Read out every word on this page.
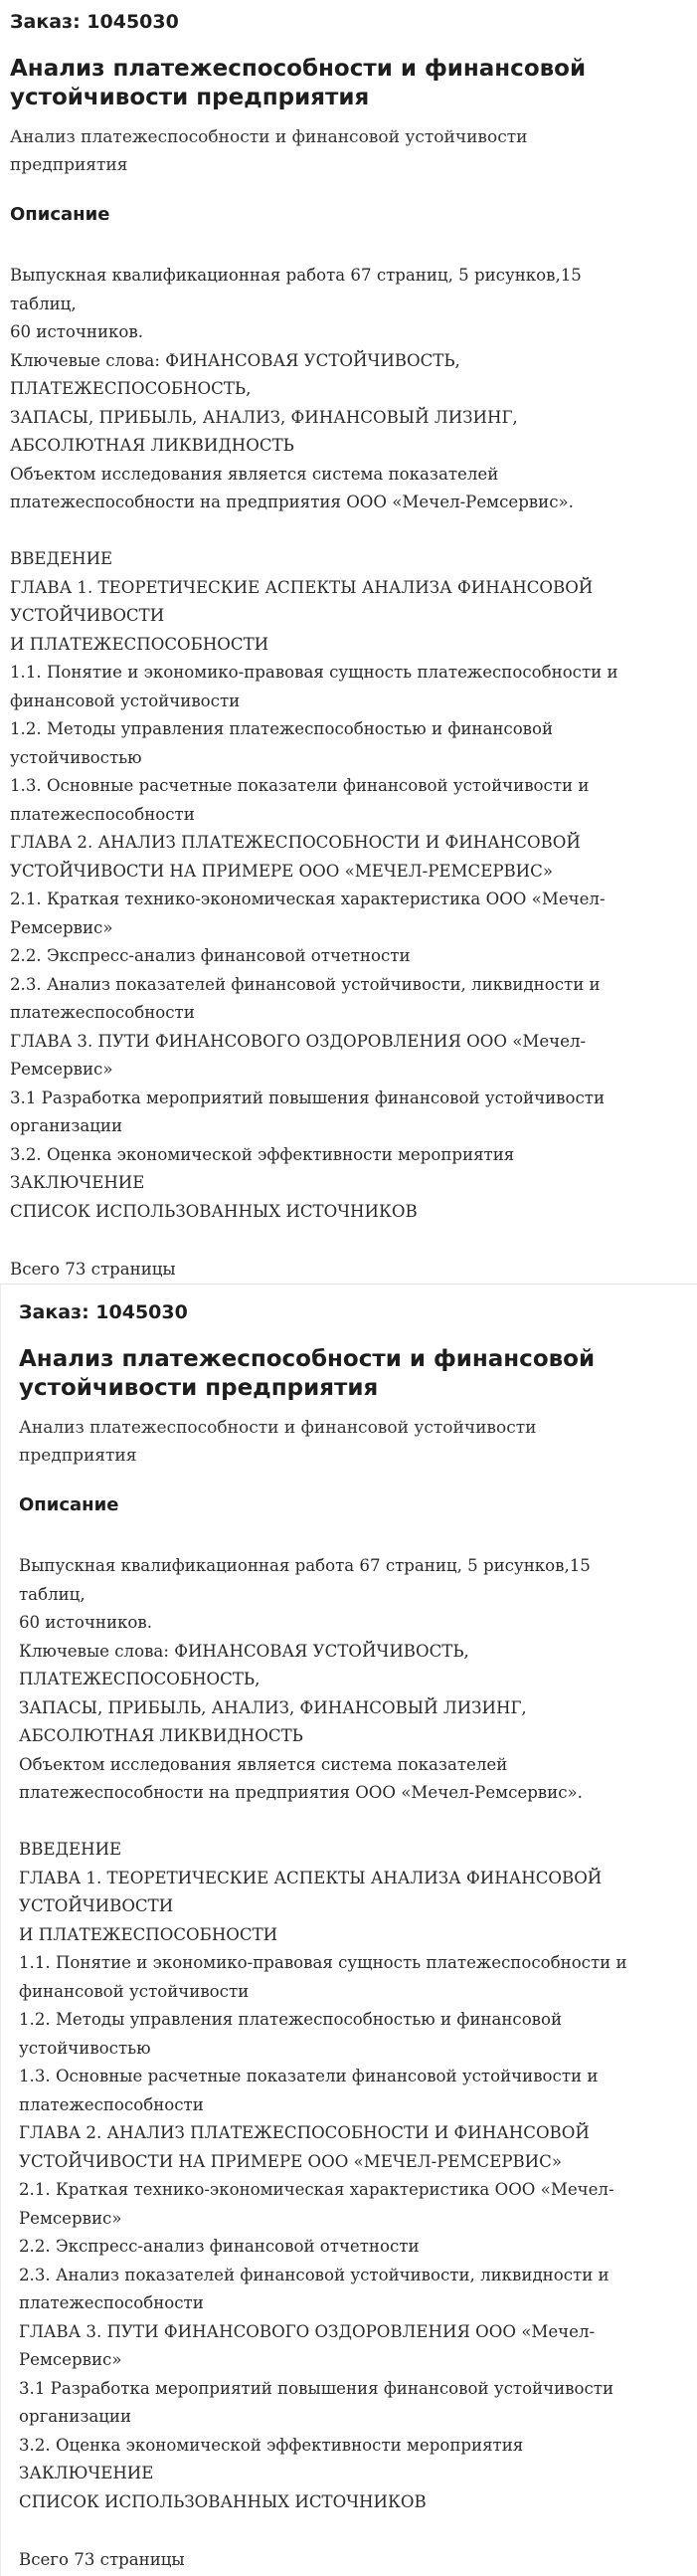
Заказ: 1045030
Анализ платежеспособности и финансовой
устойчивости предприятия
Анализ платежеспособности и финансовой устойчивости
предприятия
Описание
Выпускная квалификационная работа 67 страниц, 5 рисунков,15
таблиц,
60 источников.
Ключевые слова: ФИНАНСОВАЯ УСТОЙЧИВОСТЬ,
ПЛАТЕЖЕСПОСОБНОСТЬ,
ЗАПАСЫ, ПРИБЫЛЬ, АНАЛИЗ, ФИНАНСОВЫЙ ЛИЗИНГ,
АБСОЛЮТНАЯ ЛИКВИДНОСТЬ
Объектом исследования является система показателей
платежеспособности на предприятия ООО «Мечел-Ремсервис».

ВВЕДЕНИЕ
ГЛАВА 1. ТЕОРЕТИЧЕСКИЕ АСПЕКТЫ АНАЛИЗА ФИНАНСОВОЙ
УСТОЙЧИВОСТИ
И ПЛАТЕЖЕСПОСОБНОСТИ
1.1. Понятие и экономико-правовая сущность платежеспособности и
финансовой устойчивости
1.2. Методы управления платежеспособностью и финансовой
устойчивостью
1.3. Основные расчетные показатели финансовой устойчивости и
платежеспособности
ГЛАВА 2. АНАЛИЗ ПЛАТЕЖЕСПОСОБНОСТИ И ФИНАНСОВОЙ
УСТОЙЧИВОСТИ НА ПРИМЕРЕ ООО «МЕЧЕЛ-РЕМСЕРВИС»
2.1. Краткая технико-экономическая характеристика ООО «Мечел-
Ремсервис»
2.2. Экспресс-анализ финансовой отчетности
2.3. Анализ показателей финансовой устойчивости, ликвидности и
платежеспособности
ГЛАВА 3. ПУТИ ФИНАНСОВОГО ОЗДОРОВЛЕНИЯ ООО «Мечел-
Ремсервис»
3.1 Разработка мероприятий повышения финансовой устойчивости
организации
3.2. Оценка экономической эффективности мероприятия
ЗАКЛЮЧЕНИЕ
СПИСОК ИСПОЛЬЗОВАННЫХ ИСТОЧНИКОВ
Всего 73 страницы
Заказ: 1045030
Анализ платежеспособности и финансовой
устойчивости предприятия
Анализ платежеспособности и финансовой устойчивости
предприятия
Описание
Выпускная квалификационная работа 67 страниц, 5 рисунков,15
таблиц,
60 источников.
Ключевые слова: ФИНАНСОВАЯ УСТОЙЧИВОСТЬ,
ПЛАТЕЖЕСПОСОБНОСТЬ,
ЗАПАСЫ, ПРИБЫЛЬ, АНАЛИЗ, ФИНАНСОВЫЙ ЛИЗИНГ,
АБСОЛЮТНАЯ ЛИКВИДНОСТЬ
Объектом исследования является система показателей
платежеспособности на предприятия ООО «Мечел-Ремсервис».

ВВЕДЕНИЕ
ГЛАВА 1. ТЕОРЕТИЧЕСКИЕ АСПЕКТЫ АНАЛИЗА ФИНАНСОВОЙ
УСТОЙЧИВОСТИ
И ПЛАТЕЖЕСПОСОБНОСТИ
1.1. Понятие и экономико-правовая сущность платежеспособности и
финансовой устойчивости
1.2. Методы управления платежеспособностью и финансовой
устойчивостью
1.3. Основные расчетные показатели финансовой устойчивости и
платежеспособности
ГЛАВА 2. АНАЛИЗ ПЛАТЕЖЕСПОСОБНОСТИ И ФИНАНСОВОЙ
УСТОЙЧИВОСТИ НА ПРИМЕРЕ ООО «МЕЧЕЛ-РЕМСЕРВИС»
2.1. Краткая технико-экономическая характеристика ООО «Мечел-
Ремсервис»
2.2. Экспресс-анализ финансовой отчетности
2.3. Анализ показателей финансовой устойчивости, ликвидности и
платежеспособности
ГЛАВА 3. ПУТИ ФИНАНСОВОГО ОЗДОРОВЛЕНИЯ ООО «Мечел-
Ремсервис»
3.1 Разработка мероприятий повышения финансовой устойчивости
организации
3.2. Оценка экономической эффективности мероприятия
ЗАКЛЮЧЕНИЕ
СПИСОК ИСПОЛЬЗОВАННЫХ ИСТОЧНИКОВ
Всего 73 страницы
